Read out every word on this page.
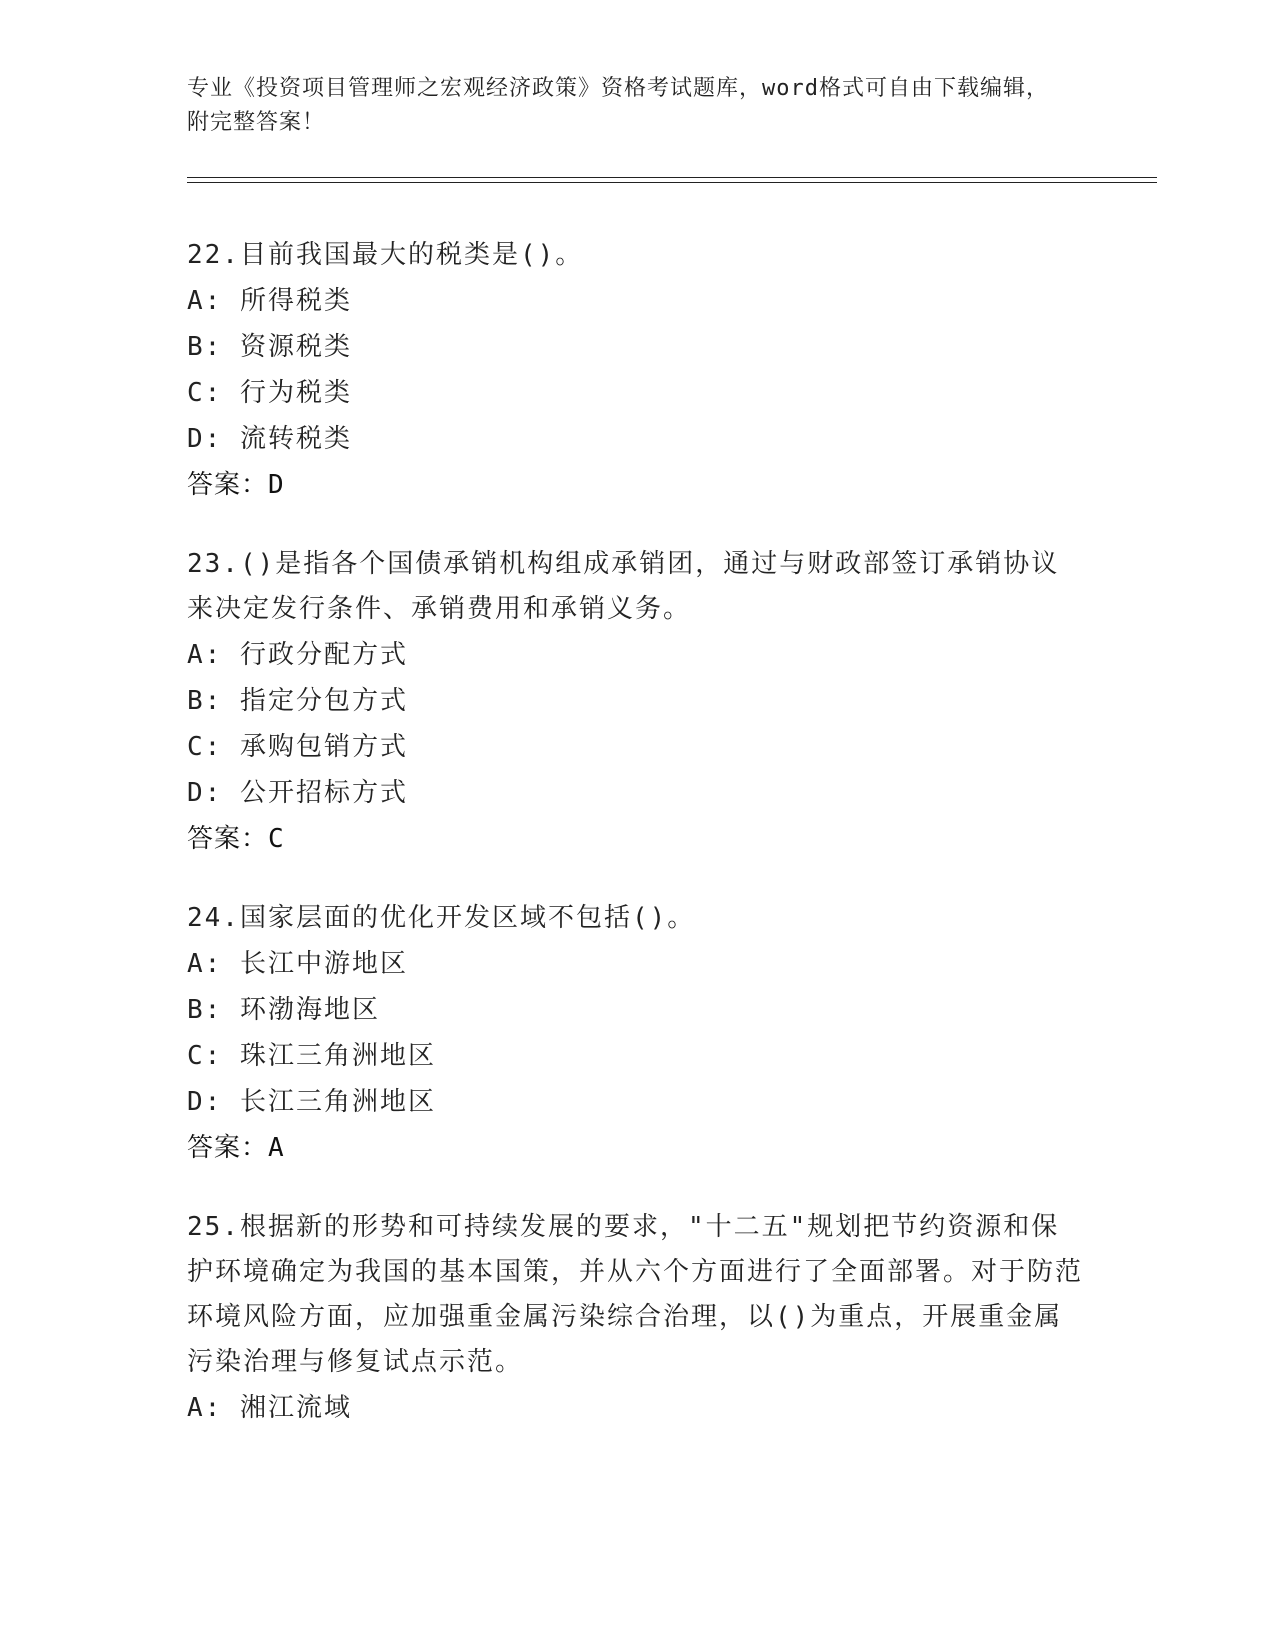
专业《投资项目管理师之宏观经济政策》资格考试题库，word格式可自由下载编辑，附完整答案！
22.目前我国最大的税类是()。
A: 所得税类
B: 资源税类
C: 行为税类
D: 流转税类
答案：D
23.()是指各个国债承销机构组成承销团，通过与财政部签订承销协议来决定发行条件、承销费用和承销义务。
A: 行政分配方式
B: 指定分包方式
C: 承购包销方式
D: 公开招标方式
答案：C
24.国家层面的优化开发区域不包括()。
A: 长江中游地区
B: 环渤海地区
C: 珠江三角洲地区
D: 长江三角洲地区
答案：A
25.根据新的形势和可持续发展的要求，"十二五"规划把节约资源和保护环境确定为我国的基本国策，并从六个方面进行了全面部署。对于防范环境风险方面，应加强重金属污染综合治理，以()为重点，开展重金属污染治理与修复试点示范。
A: 湘江流域
